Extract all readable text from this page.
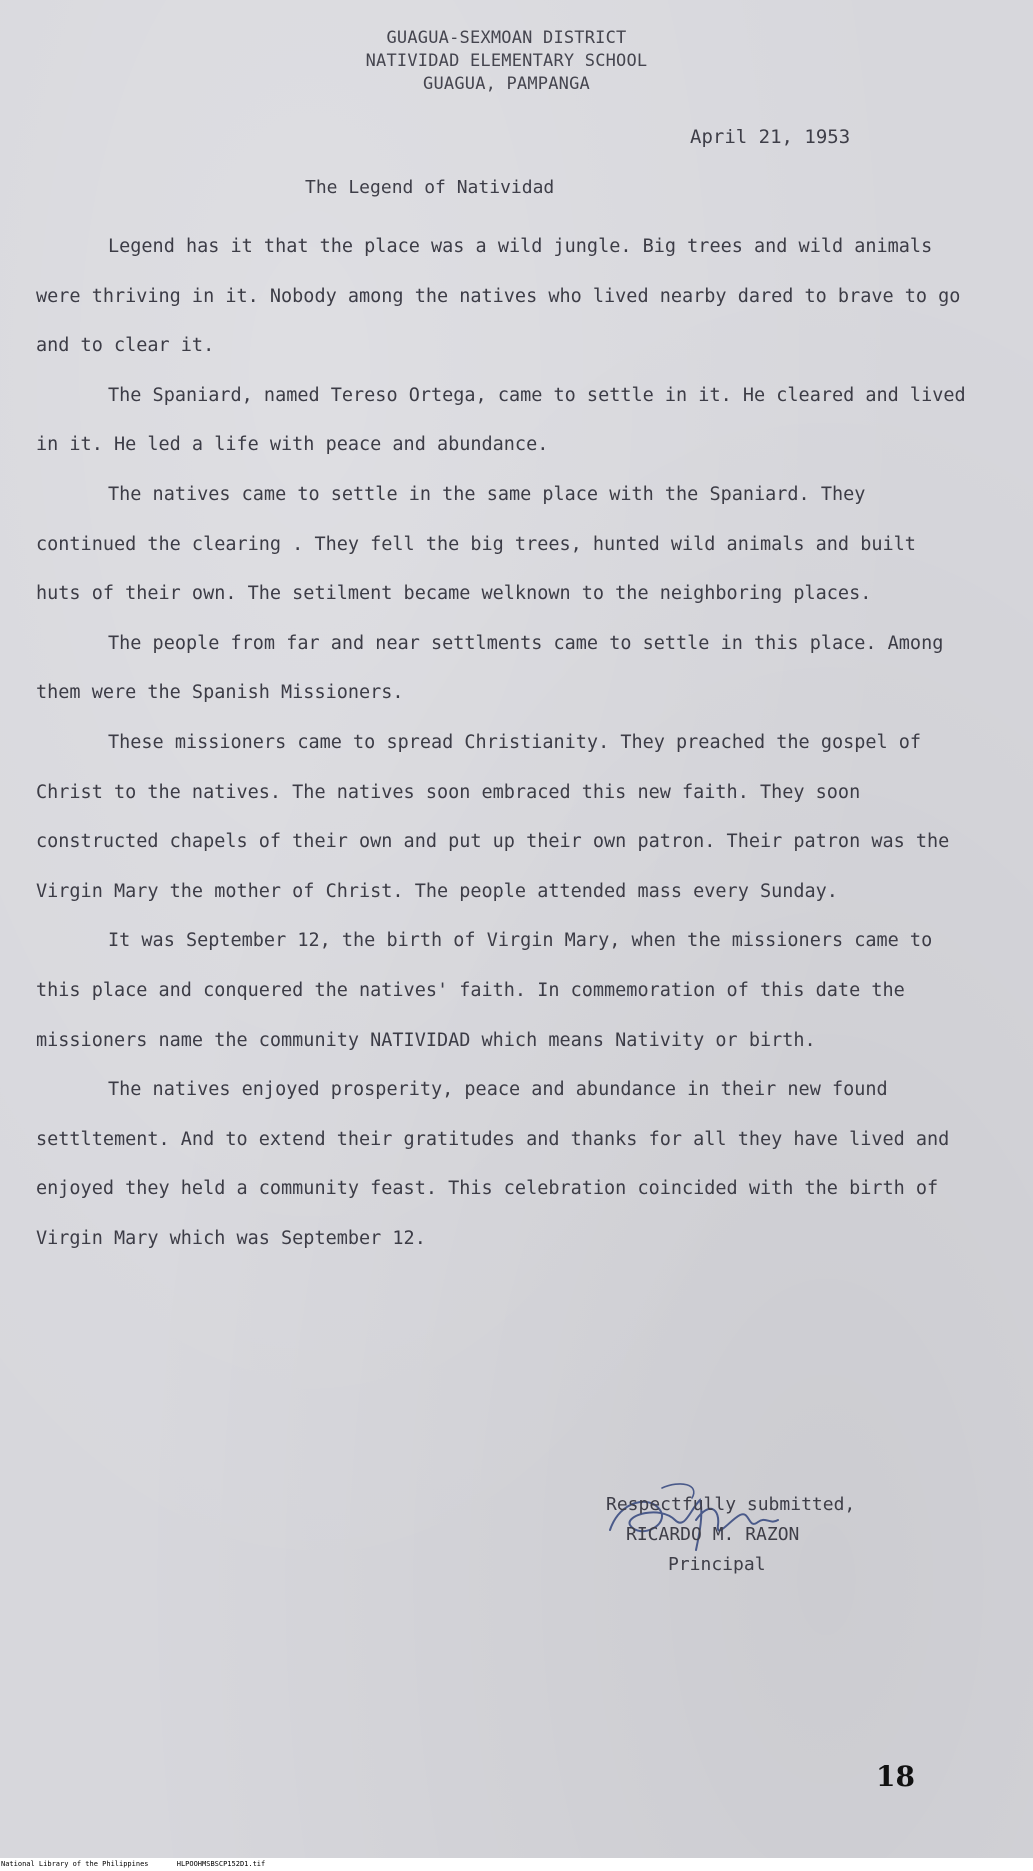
GUAGUA-SEXMOAN DISTRICT
NATIVIDAD ELEMENTARY SCHOOL
GUAGUA, PAMPANGA
April 21, 1953
The Legend of Natividad

Legend has it that the place was a wild jungle. Big trees and wild animals were thriving in it. Nobody among the natives who lived nearby dared to brave to go and to clear it.

The Spaniard, named Tereso Ortega, came to settle in it. He cleared and lived in it. He led a life with peace and abundance.

The natives came to settle in the same place with the Spaniard. They continued the clearing . They fell the big trees, hunted wild animals and built huts of their own. The setilment became welknown to the neighboring places.

The people from far and near settlments came to settle in this place. Among them were the Spanish Missioners.

These missioners came to spread Christianity. They preached the gospel of Christ to the natives. The natives soon embraced this new faith. They soon constructed chapels of their own and put up their own patron. Their patron was the Virgin Mary the mother of Christ. The people attended mass every Sunday.

It was September 12, the birth of Virgin Mary, when the missioners came to this place and conquered the natives' faith. In commemoration of this date the missioners name the community NATIVIDAD which means Nativity or birth.

The natives enjoyed prosperity, peace and abundance in their new found settltement. And to extend their gratitudes and thanks for all they have lived and enjoyed they held a community feast. This celebration coincided with the birth of Virgin Mary which was September 12.

Respectfully submitted,
RICARDO M. RAZON
Principal
18
National Library of the Philippines	HLPOOHMSBSCP152D1.tif
